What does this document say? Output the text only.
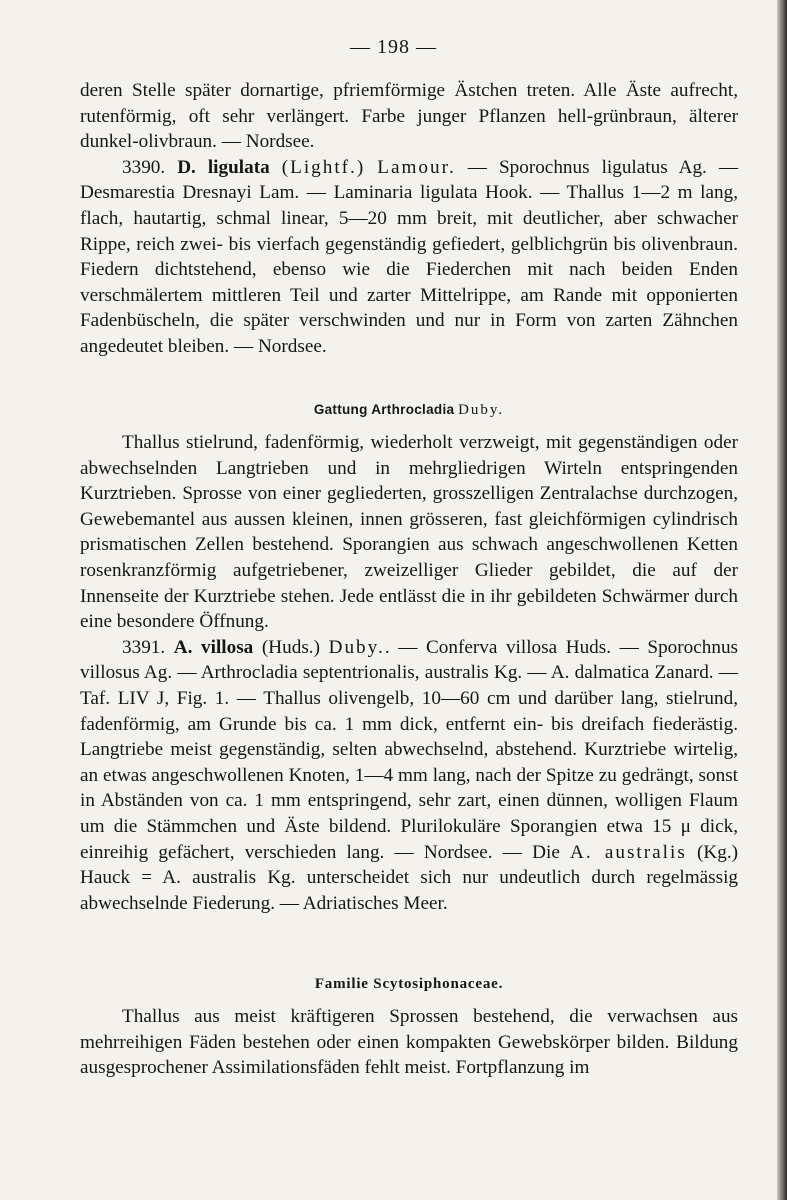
— 198 —

deren Stelle später dornartige, pfriemförmige Ästchen treten. Alle Äste aufrecht, rutenförmig, oft sehr verlängert. Farbe junger Pflanzen hell-grünbraun, älterer dunkel-olivbraun. — Nordsee.

3390. D. ligulata (Lightf.) Lamour. — Sporochnus ligulatus Ag. — Desmarestia Dresnayi Lam. — Laminaria ligulata Hook. — Thallus 1—2 m lang, flach, hautartig, schmal linear, 5—20 mm breit, mit deutlicher, aber schwacher Rippe, reich zwei- bis vierfach gegenständig gefiedert, gelblichgrün bis olivenbraun. Fiedern dichtstehend, ebenso wie die Fiederchen mit nach beiden Enden verschmälertem mittleren Teil und zarter Mittelrippe, am Rande mit opponierten Fadenbüscheln, die später verschwinden und nur in Form von zarten Zähnchen angedeutet bleiben. — Nordsee.

Gattung Arthrocladia Duby.

Thallus stielrund, fadenförmig, wiederholt verzweigt, mit gegenständigen oder abwechselnden Langtrieben und in mehrgliedrigen Wirteln entspringenden Kurztrieben. Sprosse von einer gegliederten, grosszelligen Zentralachse durchzogen, Gewebemantel aus aussen kleinen, innen grösseren, fast gleichförmigen cylindrisch prismatischen Zellen bestehend. Sporangien aus schwach angeschwollenen Ketten rosenkranzförmig aufgetriebener, zweizelliger Glieder gebildet, die auf der Innenseite der Kurztriebe stehen. Jede entlässt die in ihr gebildeten Schwärmer durch eine besondere Öffnung.

3391. A. villosa (Huds.) Duby.. — Conferva villosa Huds. — Sporochnus villosus Ag. — Arthrocladia septentrionalis, australis Kg. — A. dalmatica Zanard. — Taf. LIV J, Fig. 1. — Thallus olivengelb, 10—60 cm und darüber lang, stielrund, fadenförmig, am Grunde bis ca. 1 mm dick, entfernt ein- bis dreifach fiederästig. Langtriebe meist gegenständig, selten abwechselnd, abstehend. Kurztriebe wirtelig, an etwas angeschwollenen Knoten, 1—4 mm lang, nach der Spitze zu gedrängt, sonst in Abständen von ca. 1 mm entspringend, sehr zart, einen dünnen, wolligen Flaum um die Stämmchen und Äste bildend. Plurilokuläre Sporangien etwa 15 μ dick, einreihig gefächert, verschieden lang. — Nordsee. — Die A. australis (Kg.) Hauck = A. australis Kg. unterscheidet sich nur undeutlich durch regelmässig abwechselnde Fiederung. — Adriatisches Meer.

Familie Scytosiphonaceae.

Thallus aus meist kräftigeren Sprossen bestehend, die verwachsen aus mehrreihigen Fäden bestehen oder einen kompakten Gewebskörper bilden. Bildung ausgesprochener Assimilationsfäden fehlt meist. Fortpflanzung im
